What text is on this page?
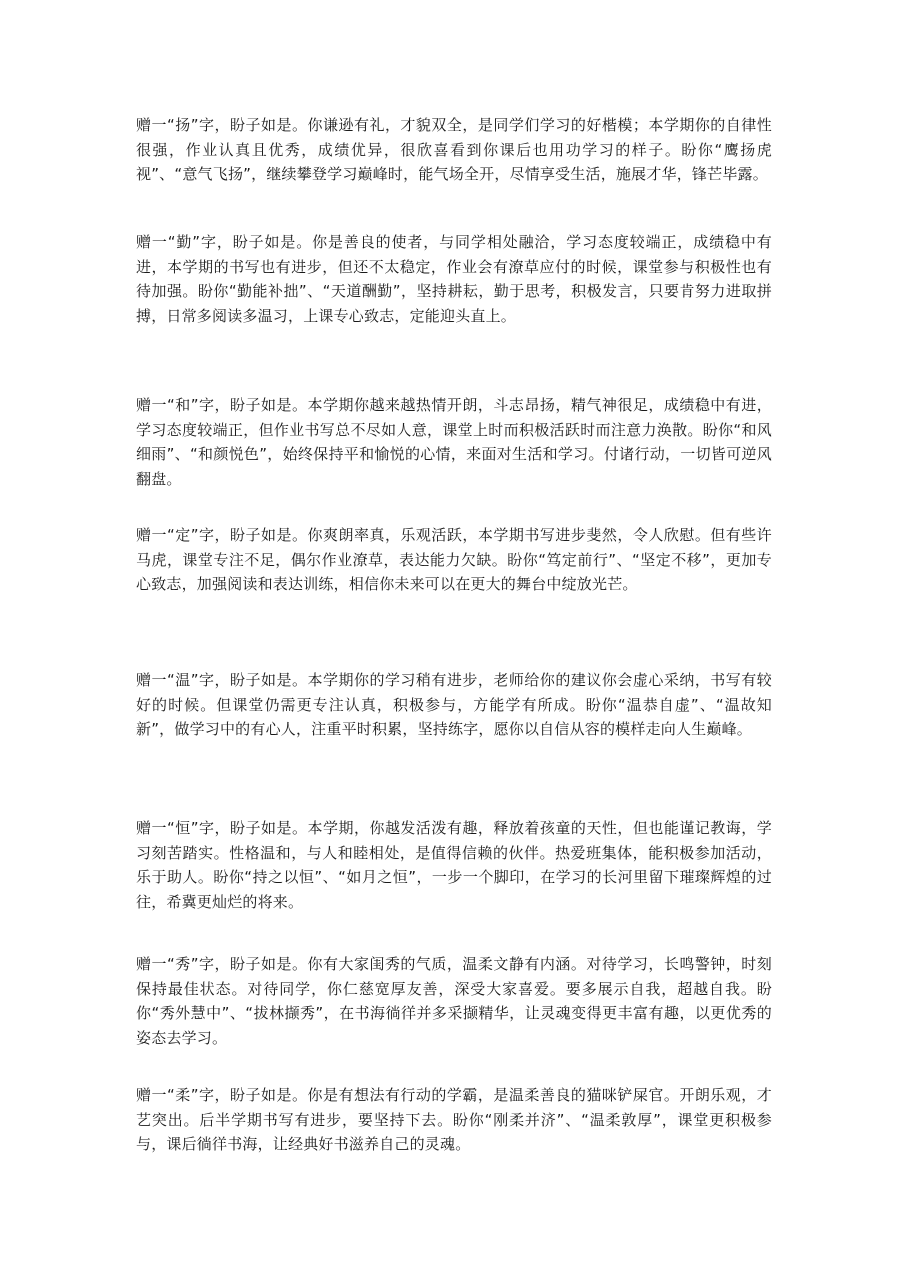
赠一“扬”字，盼子如是。你谦逊有礼，才貌双全，是同学们学习的好楷模；本学期你的自律性很强，作业认真且优秀，成绩优异，很欣喜看到你课后也用功学习的样子。盼你“鹰扬虎视”、“意气飞扬”，继续攀登学习巅峰时，能气场全开，尽情享受生活，施展才华，锋芒毕露。

赠一“勤”字，盼子如是。你是善良的使者，与同学相处融洽，学习态度较端正，成绩稳中有进，本学期的书写也有进步，但还不太稳定，作业会有潦草应付的时候，课堂参与积极性也有待加强。盼你“勤能补拙”、“天道酬勤”，坚持耕耘，勤于思考，积极发言，只要肯努力进取拼搏，日常多阅读多温习，上课专心致志，定能迎头直上。

赠一“和”字，盼子如是。本学期你越来越热情开朗，斗志昂扬，精气神很足，成绩稳中有进，学习态度较端正，但作业书写总不尽如人意，课堂上时而积极活跃时而注意力涣散。盼你“和风细雨”、“和颜悦色”，始终保持平和愉悦的心情，来面对生活和学习。付诸行动，一切皆可逆风翻盘。

赠一“定”字，盼子如是。你爽朗率真，乐观活跃，本学期书写进步斐然，令人欣慰。但有些许马虎，课堂专注不足，偶尔作业潦草，表达能力欠缺。盼你“笃定前行”、“坚定不移”，更加专心致志，加强阅读和表达训练，相信你未来可以在更大的舞台中绽放光芒。

赠一“温”字，盼子如是。本学期你的学习稍有进步，老师给你的建议你会虚心采纳，书写有较好的时候。但课堂仍需更专注认真，积极参与，方能学有所成。盼你“温恭自虚”、“温故知新”，做学习中的有心人，注重平时积累，坚持练字，愿你以自信从容的模样走向人生巅峰。

赠一“恒”字，盼子如是。本学期，你越发活泼有趣，释放着孩童的天性，但也能谨记教诲，学习刻苦踏实。性格温和，与人和睦相处，是值得信赖的伙伴。热爱班集体，能积极参加活动，乐于助人。盼你“持之以恒”、“如月之恒”，一步一个脚印，在学习的长河里留下璀璨辉煌的过往，希冀更灿烂的将来。

赠一“秀”字，盼子如是。你有大家闺秀的气质，温柔文静有内涵。对待学习，长鸣警钟，时刻保持最佳状态。对待同学，你仁慈宽厚友善，深受大家喜爱。要多展示自我，超越自我。盼你“秀外慧中”、“拔林撷秀”，在书海徜徉并多采撷精华，让灵魂变得更丰富有趣，以更优秀的姿态去学习。

赠一“柔”字，盼子如是。你是有想法有行动的学霸，是温柔善良的猫咪铲屎官。开朗乐观，才艺突出。后半学期书写有进步，要坚持下去。盼你“刚柔并济”、“温柔敦厚”，课堂更积极参与，课后徜徉书海，让经典好书滋养自己的灵魂。
